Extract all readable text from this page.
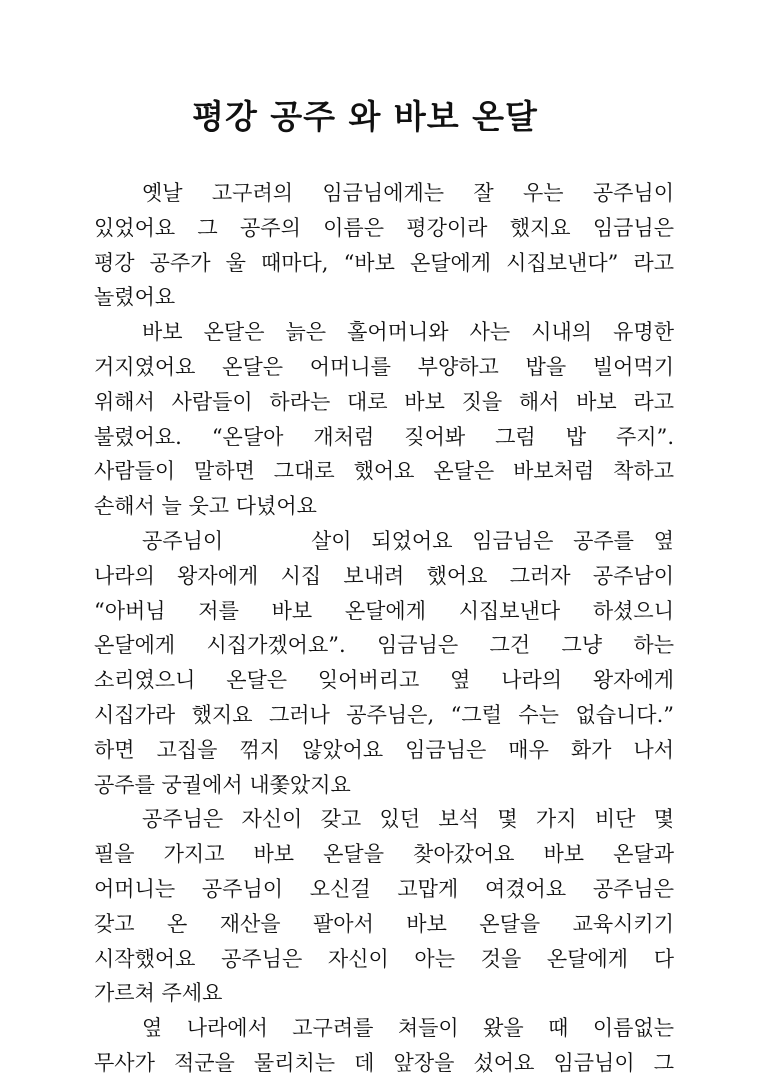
평강 공주 와 바보 온달
옛날 고구려의 임금님에게는 잘 우는 공주님이
있었어요 그 공주의 이름은 평강이라 했지요 임금님은
평강 공주가 울 때마다, “바보 온달에게 시집보낸다” 라고
놀렸어요
바보 온달은 늙은 홀어머니와 사는 시내의 유명한
거지였어요 온달은 어머니를 부양하고 밥을 빌어먹기
위해서 사람들이 하라는 대로 바보 짓을 해서 바보 라고
불렸어요. “온달아 개처럼 짖어봐 그럼 밥 주지”.
사람들이 말하면 그대로 했어요 온달은 바보처럼 착하고
손해서 늘 웃고 다녔어요
공주님이 　　살이 되었어요 임금님은 공주를 옆
나라의 왕자에게 시집 보내려 했어요 그러자 공주남이
“아버님 저를 바보 온달에게 시집보낸다 하셨으니
온달에게 시집가겠어요”. 임금님은 그건 그냥 하는
소리였으니 온달은 잊어버리고 옆 나라의 왕자에게
시집가라 했지요 그러나 공주님은, “그럴 수는 없습니다.”
하면 고집을 꺾지 않았어요 임금님은 매우 화가 나서
공주를 궁궐에서 내쫓았지요
공주님은 자신이 갖고 있던 보석 몇 가지 비단 몇
필을 가지고 바보 온달을 찾아갔어요 바보 온달과
어머니는 공주님이 오신걸 고맙게 여겼어요 공주님은
갖고 온 재산을 팔아서 바보 온달을 교육시키기
시작했어요 공주님은 자신이 아는 것을 온달에게 다
가르쳐 주세요
옆 나라에서 고구려를 쳐들이 왔을 때 이름없는
무사가 적군을 물리치는 데 앞장을 섰어요 임금님이 그
